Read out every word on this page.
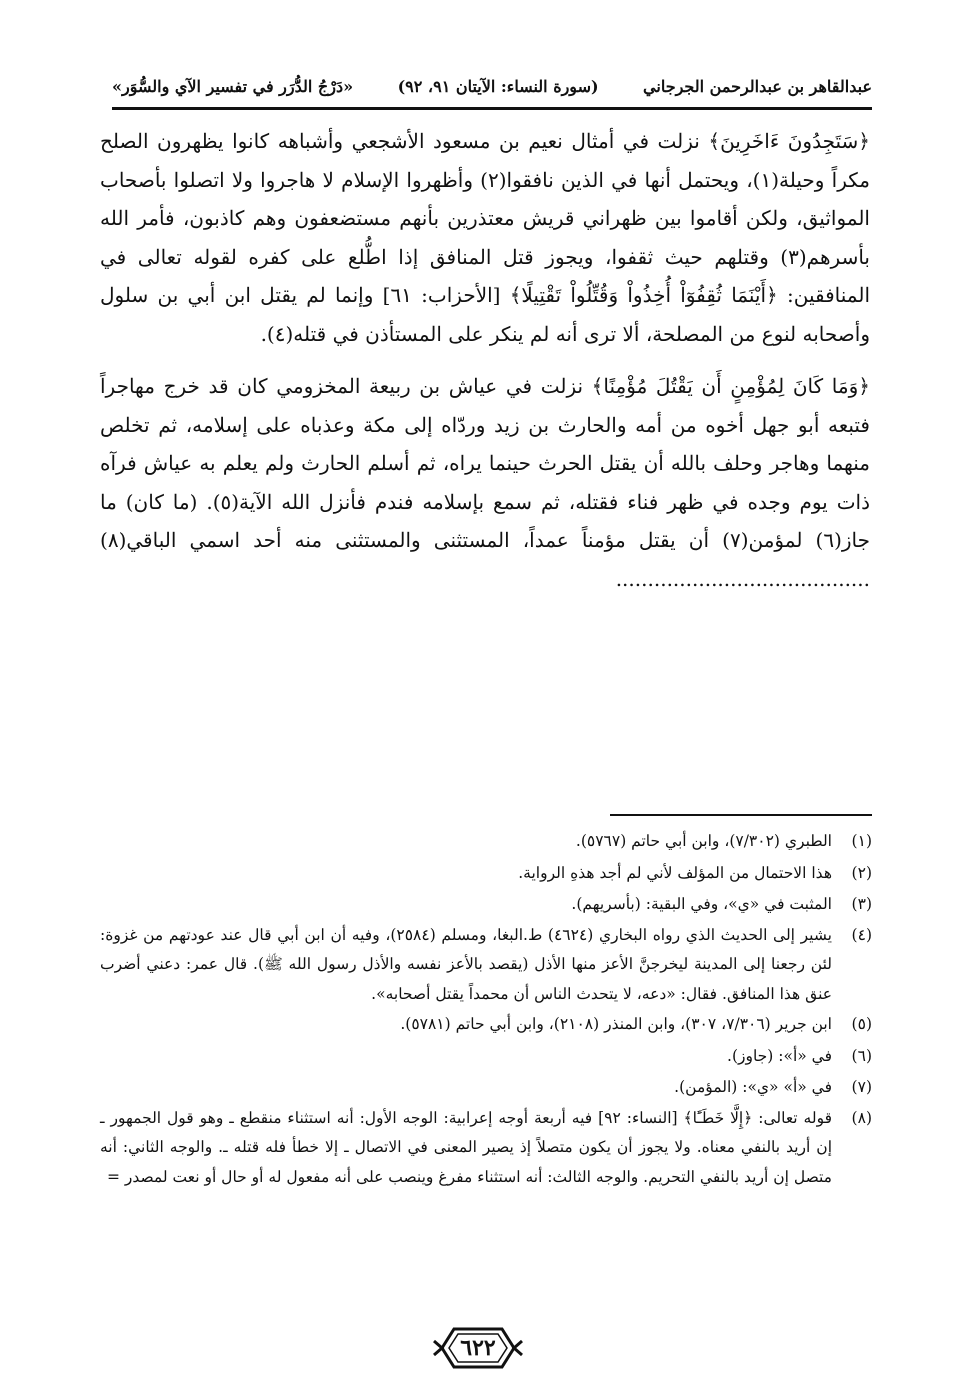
عبدالقاهر بن عبدالرحمن الجرجاني
(سورة النساء: الآيتان ٩١، ٩٢)
«دَرْجُ الدُّرَر في تفسير الآي والسُّوَر»

﴿سَتَجِدُونَ ءَاخَرِينَ﴾ نزلت في أمثال نعيم بن مسعود الأشجعي وأشباهه كانوا يظهرون الصلح مكراً وحيلة(١)، ويحتمل أنها في الذين نافقوا(٢) وأظهروا الإسلام لا هاجروا ولا اتصلوا بأصحاب المواثيق، ولكن أقاموا بين ظهراني قريش معتذرين بأنهم مستضعفون وهم كاذبون، فأمر الله بأسرهم(٣) وقتلهم حيث ثقفوا، ويجوز قتل المنافق إذا اطُّلع على كفره لقوله تعالى في المنافقين: ﴿أَيْنَمَا ثُقِفُوٓاْ أُخِذُواْ وَقُتِّلُواْ تَقْتِيلًا﴾ [الأحزاب: ٦١] وإنما لم يقتل ابن أبي بن سلول وأصحابه لنوع من المصلحة، ألا ترى أنه لم ينكر على المستأذن في قتله(٤).

﴿وَمَا كَانَ لِمُؤْمِنٍ أَن يَقْتُلَ مُؤْمِنًا﴾ نزلت في عياش بن ربيعة المخزومي كان قد خرج مهاجراً فتبعه أبو جهل أخوه من أمه والحارث بن زيد وردّاه إلى مكة وعذباه على إسلامه، ثم تخلص منهما وهاجر وحلف بالله أن يقتل الحرث حينما يراه، ثم أسلم الحارث ولم يعلم به عياش فرآه ذات يوم وجده في ظهر فناء فقتله، ثم سمع بإسلامه فندم فأنزل الله الآية(٥). (ما كان) ما جاز(٦) لمؤمن(٧) أن يقتل مؤمناً عمداً، المستثنى والمستثنى منه أحد اسمي الباقي(٨) ........................................

(١)
الطبري (٧/٣٠٢)، وابن أبي حاتم (٥٧٦٧).
(٢)
هذا الاحتمال من المؤلف لأني لم أجد هذهِ الرواية.
(٣)
المثبت في «ي»، وفي البقية: (بأسريهم).
(٤)
يشير إلى الحديث الذي رواه البخاري (٤٦٢٤) ط.البغا، ومسلم (٢٥٨٤)، وفيه أن ابن أبي قال عند عودتهم من غزوة: لئن رجعنا إلى المدينة ليخرجنَّ الأعز منها الأذل (يقصد بالأعز نفسه والأذل رسول الله ﷺ). قال عمر: دعني أضرب عنق هذا المنافق. فقال: «دعه، لا يتحدث الناس أن محمداً يقتل أصحابه».
(٥)
ابن جرير (٧/٣٠٦، ٣٠٧)، وابن المنذر (٢١٠٨)، وابن أبي حاتم (٥٧٨١).
(٦)
في «أ»: (جاوز).
(٧)
في «أ» «ي»: (المؤمن).
(٨)
قوله تعالى: ﴿إِلَّا خَطَـًٔا﴾ [النساء: ٩٢] فيه أربعة أوجه إعرابية: الوجه الأول: أنه استثناء منقطع ـ وهو قول الجمهور ـ إن أريد بالنفي معناه. ولا يجوز أن يكون متصلاً إذ يصير المعنى في الاتصال ـ إلا خطأ فله قتله ـ. والوجه الثاني: أنه متصل إن أريد بالنفي التحريم. والوجه الثالث: أنه استثناء مفرغ وينصب على أنه مفعول له أو حال أو نعت لمصدر =
٦٢٢
